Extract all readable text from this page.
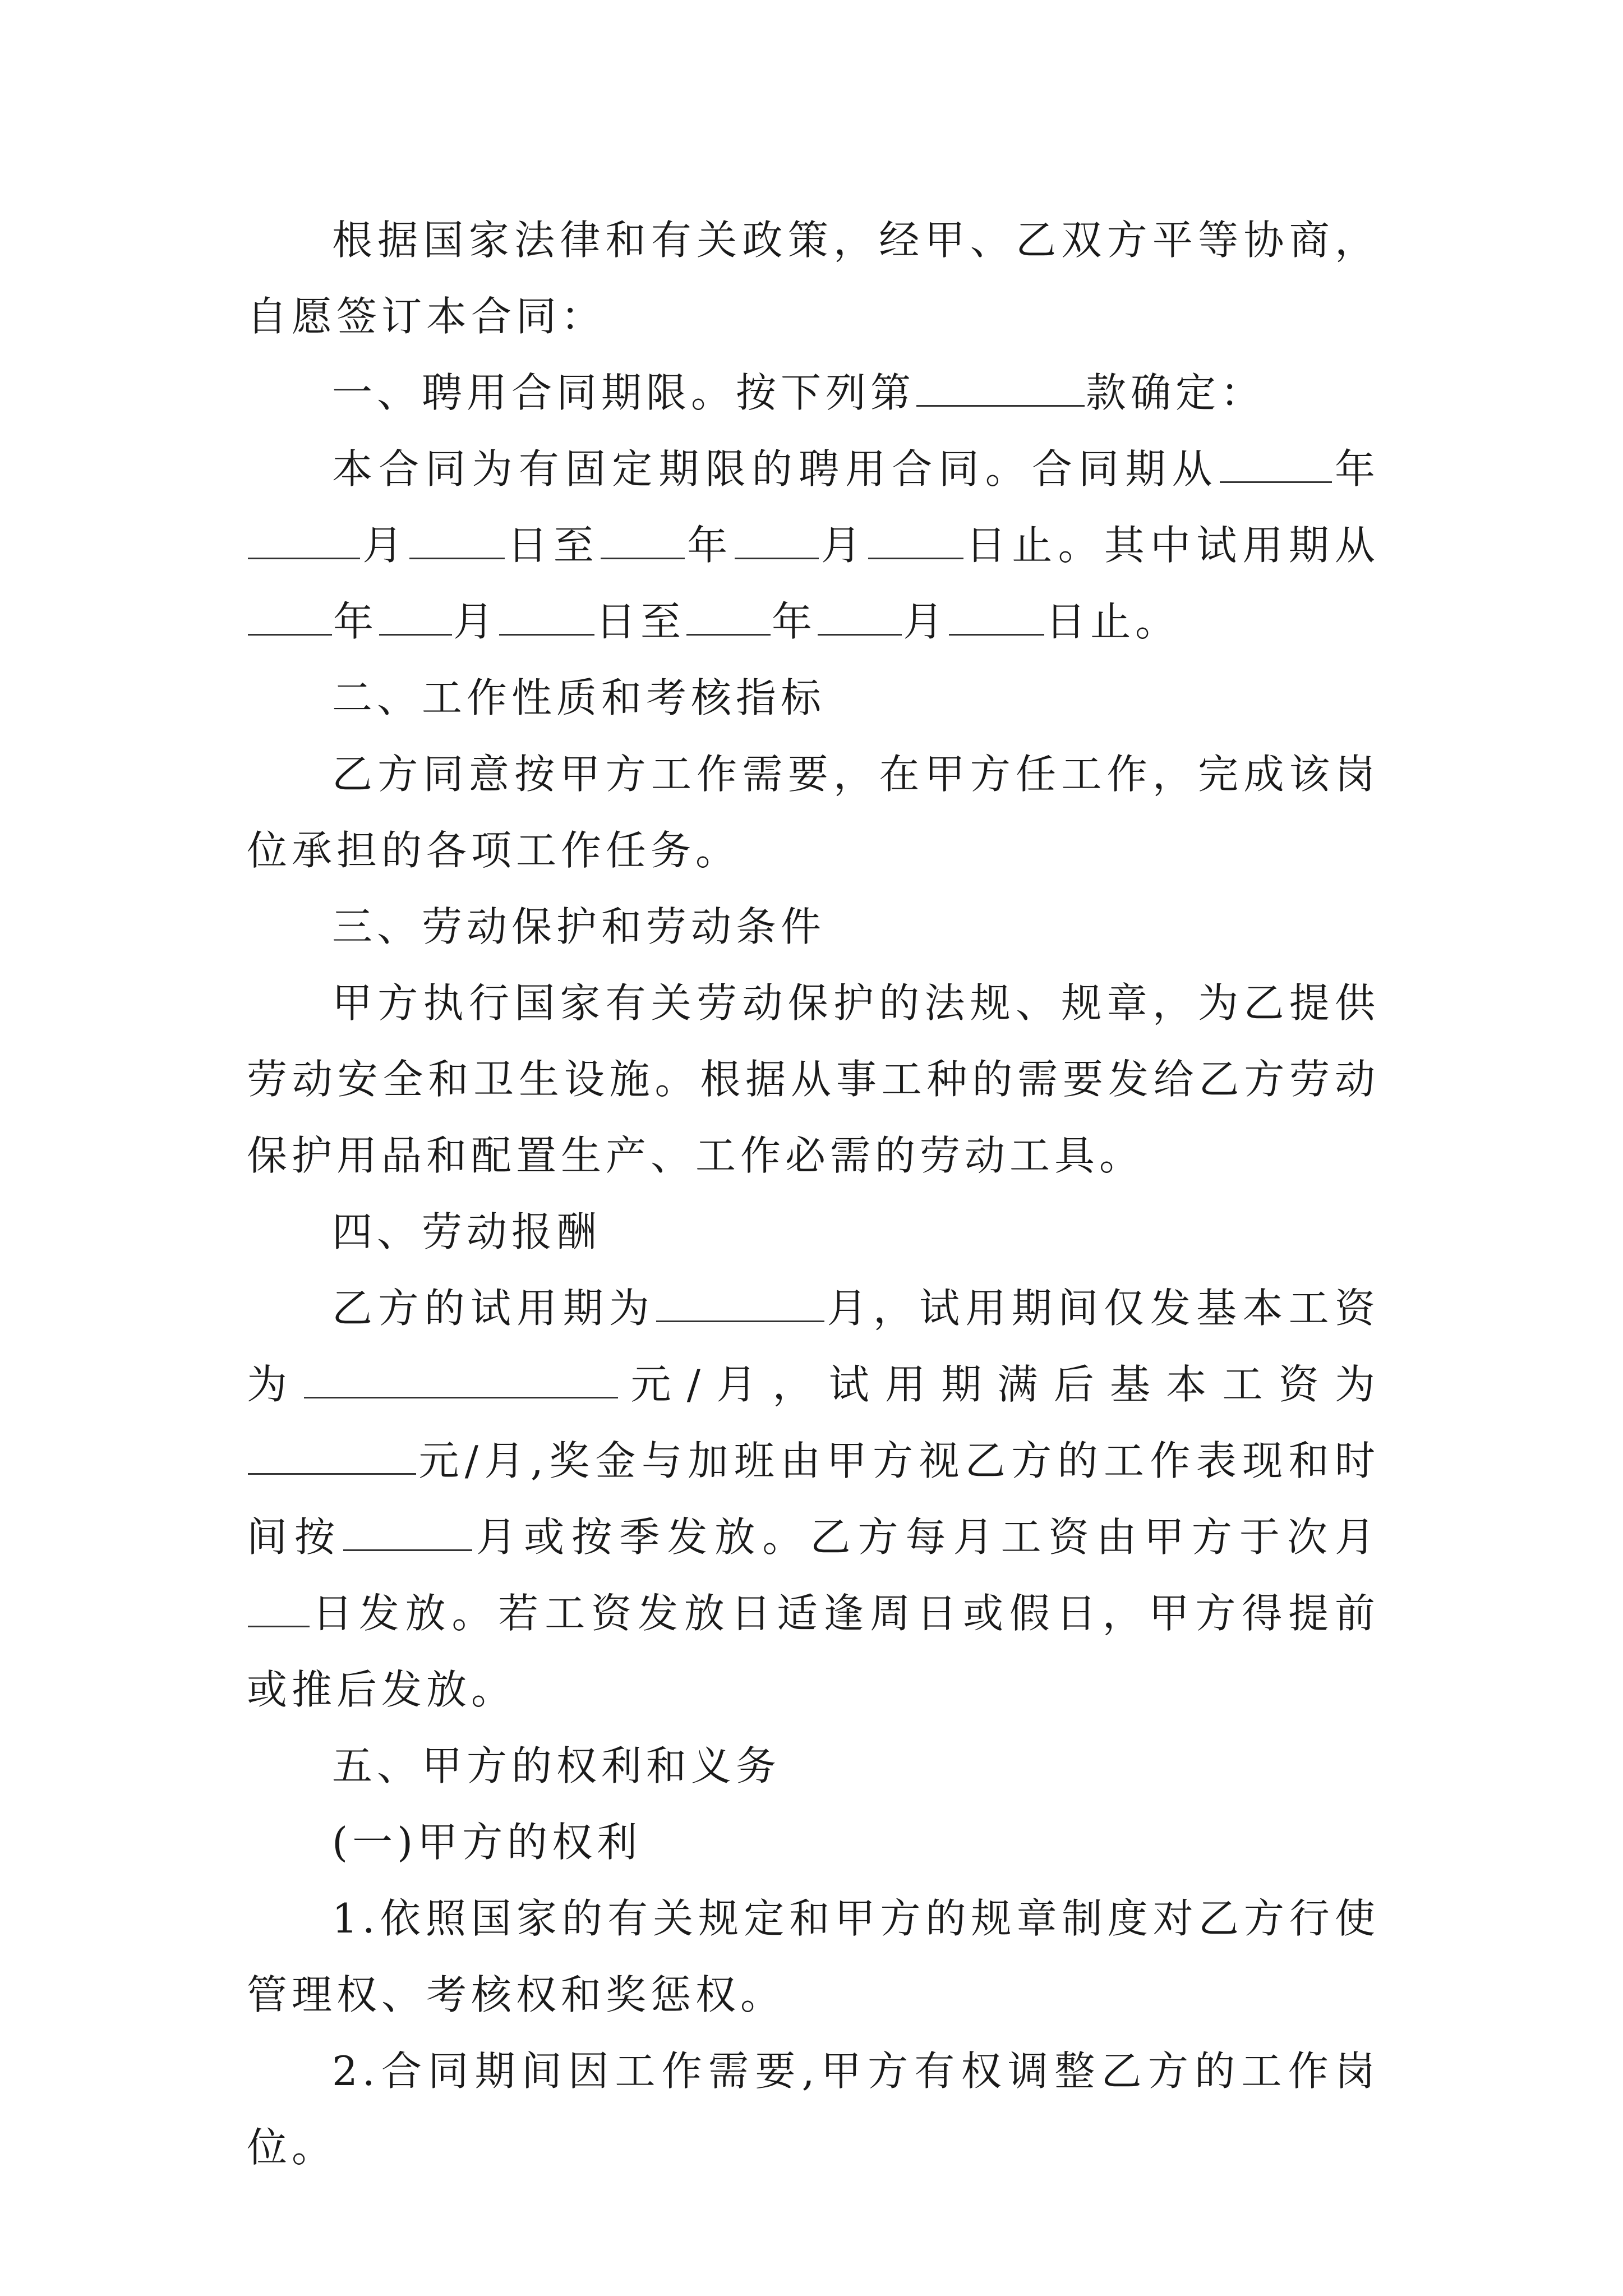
根据国家法律和有关政策，经甲、乙双方平等协商，自愿签订本合同：

一、聘用合同期限。按下列第	款确定：

本合同为有固定期限的聘用合同。合同期从	年月 日至 年 月 日止。其中试用期从年 月 日至 年 月 日止。

二、工作性质和考核指标

乙方同意按甲方工作需要，在甲方任工作，完成该岗位承担的各项工作任务。

三、劳动保护和劳动条件

甲方执行国家有关劳动保护的法规、规章，为乙提供劳动安全和卫生设施。根据从事工种的需要发给乙方劳动保护用品和配置生产、工作必需的劳动工具。

四、劳动报酬

乙方的试用期为	月，试用期间仅发基本工资为	元/月，试用期满后基本工资为元/月,奖金与加班由甲方视乙方的工作表现和时间按	月或按季发放。乙方每月工资由甲方于次月日发放。若工资发放日适逢周日或假日，甲方得提前或推后发放。

五、甲方的权利和义务

(一)甲方的权利

1.依照国家的有关规定和甲方的规章制度对乙方行使管理权、考核权和奖惩权。

2.合同期间因工作需要,甲方有权调整乙方的工作岗位。
